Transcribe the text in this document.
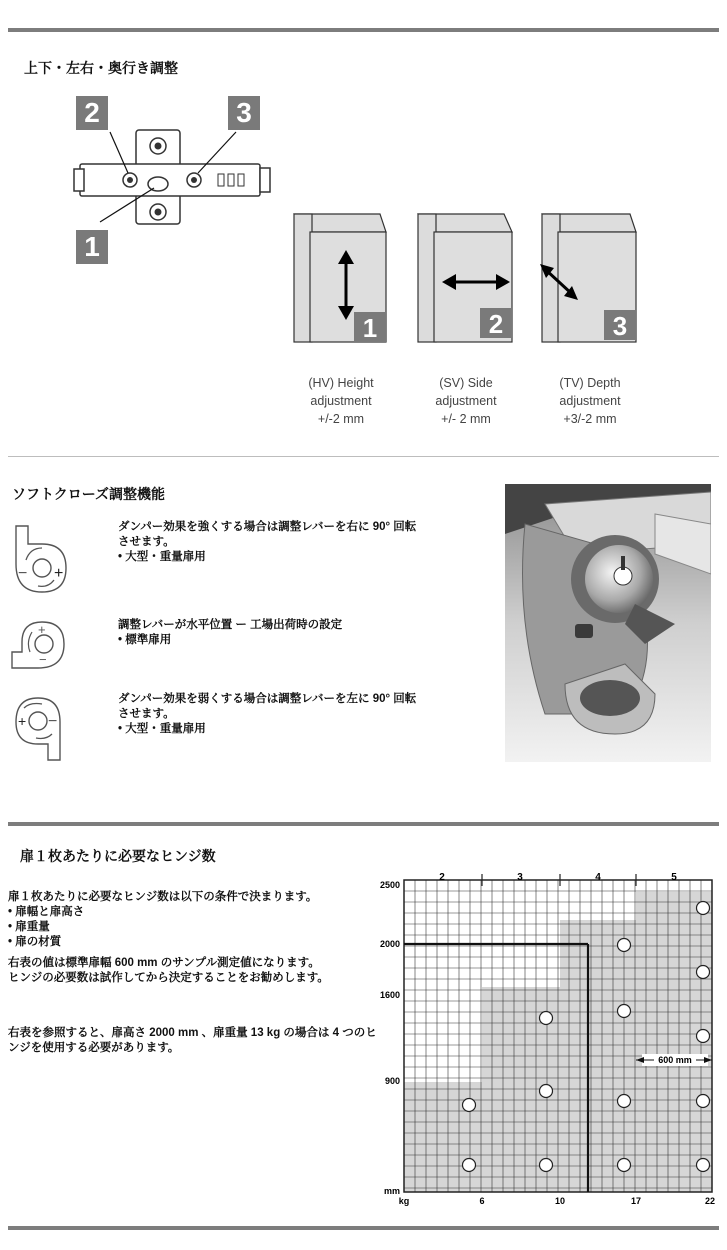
上下・左右・奥行き調整
2	3
1
1	2	3
(HV) Height
adjustment
+/-2 mm
(SV) Side
adjustment
+/- 2 mm
(TV) Depth
adjustment
+3/-2 mm
ソフトクローズ調整機能
− +
+
−
+ −
ダンパー効果を強くする場合は調整レバーを右に 90° 回転
させます。
• 大型・重量扉用
調整レバーが水平位置 ー 工場出荷時の設定
• 標準扉用
ダンパー効果を弱くする場合は調整レバーを左に 90° 回転
させます。
• 大型・重量扉用
扉１枚あたりに必要なヒンジ数
扉１枚あたりに必要なヒンジ数は以下の条件で決まります。
• 扉幅と扉高さ
• 扉重量
• 扉の材質
右表の値は標準扉幅 600 mm のサンプル測定値になります。
ヒンジの必要数は試作してから決定することをお勧めします。
右表を参照すると、扉高さ 2000 mm 、扉重量 13 kg の場合は 4 つのヒ
ンジを使用する必要があります。
2	3	4	5
2500
2000
1600
900
mm
kg	6	10	17	22
600 mm
